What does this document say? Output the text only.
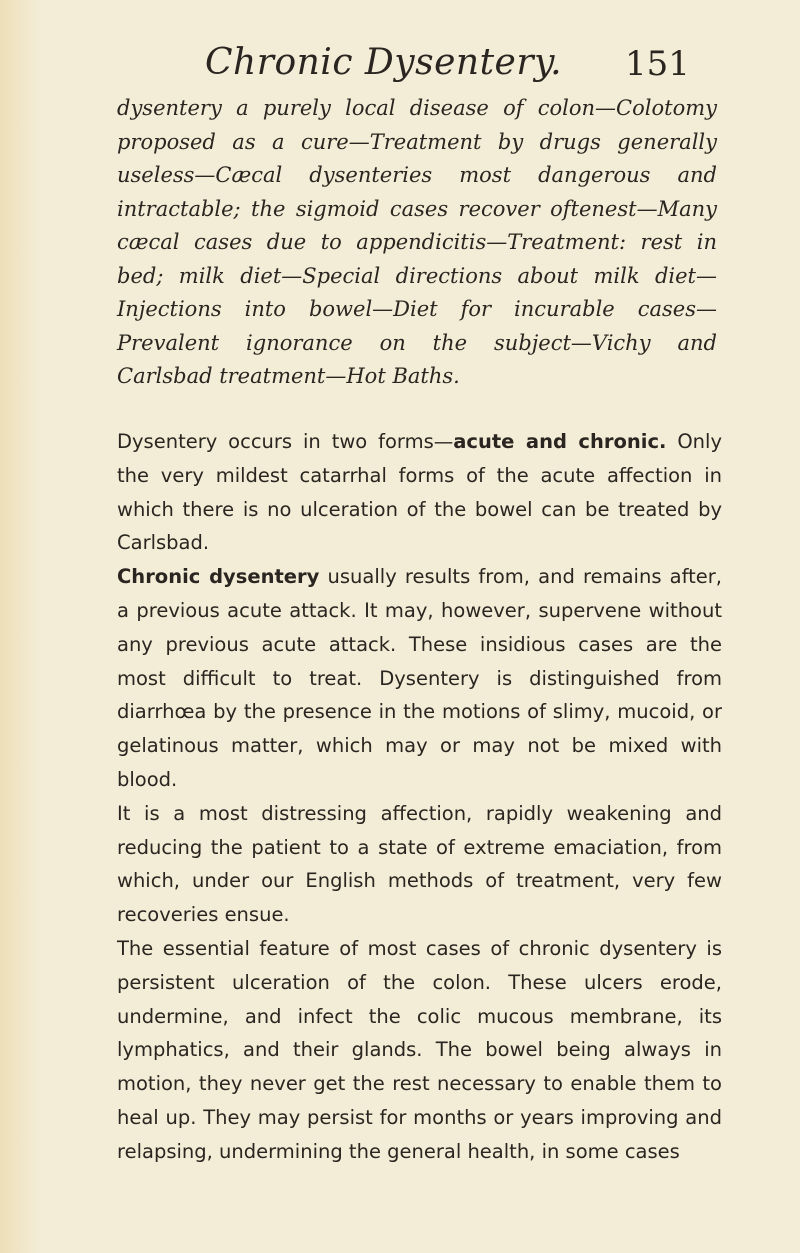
Chronic Dysentery. 151

dysentery a purely local disease of colon—Colotomy proposed as a cure—Treatment by drugs generally useless—Cæcal dysenteries most dangerous and intractable; the sigmoid cases recover oftenest—Many cæcal cases due to appendicitis—Treatment: rest in bed; milk diet—Special directions about milk diet—Injections into bowel—Diet for incurable cases—Prevalent ignorance on the subject—Vichy and Carlsbad treatment—Hot Baths.

Dysentery occurs in two forms—acute and chronic. Only the very mildest catarrhal forms of the acute affection in which there is no ulceration of the bowel can be treated by Carlsbad.

Chronic dysentery usually results from, and remains after, a previous acute attack. It may, however, supervene without any previous acute attack. These insidious cases are the most difficult to treat. Dysentery is distinguished from diarrhœa by the presence in the motions of slimy, mucoid, or gelatinous matter, which may or may not be mixed with blood.

It is a most distressing affection, rapidly weakening and reducing the patient to a state of extreme emaciation, from which, under our English methods of treatment, very few recoveries ensue.

The essential feature of most cases of chronic dysentery is persistent ulceration of the colon. These ulcers erode, undermine, and infect the colic mucous membrane, its lymphatics, and their glands. The bowel being always in motion, they never get the rest necessary to enable them to heal up. They may persist for months or years improving and relapsing, undermining the general health, in some cases
